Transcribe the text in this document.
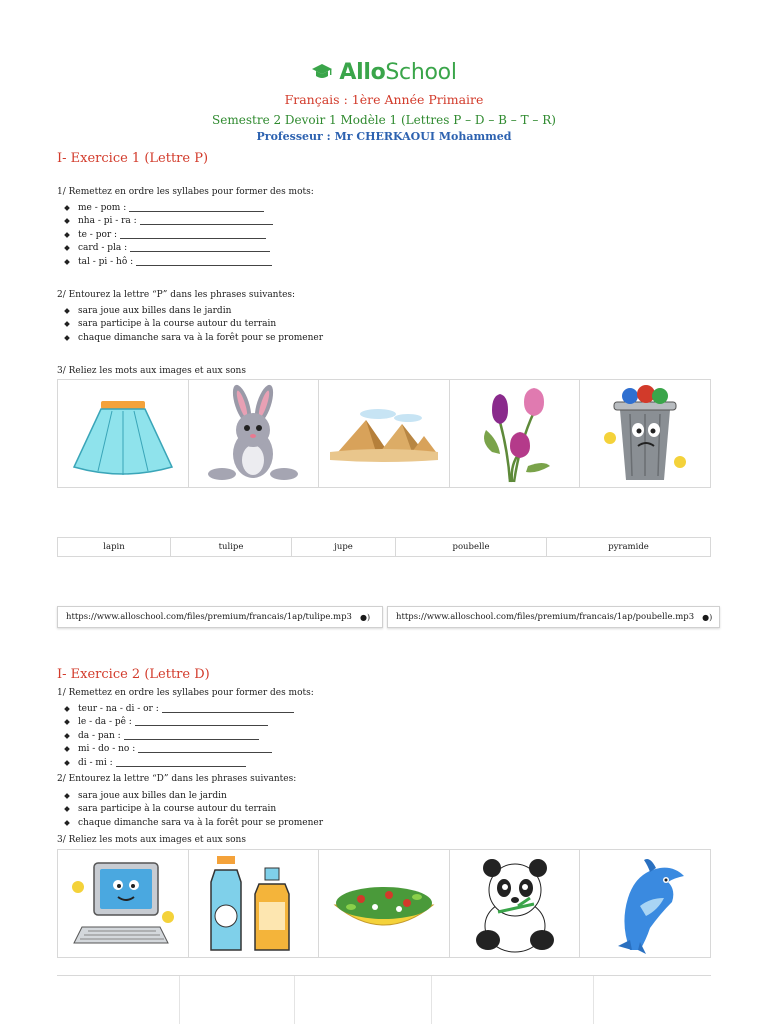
AlloSchool
Français : 1ère Année Primaire
Semestre 2 Devoir 1 Modèle 1 (Lettres P – D – B – T – R)
Professeur : Mr CHERKAOUI Mohammed
I- Exercice 1 (Lettre P)
1/ Remettez en ordre les syllabes pour former des mots:
me - pom :
nha - pi - ra :
te - por :
card - pla :
tal - pi - hô :
2/ Entourez la lettre “P” dans les phrases suivantes:
sara joue aux billes dans le jardin
sara participe à la course autour du terrain
chaque dimanche sara va à la forêt pour se promener
3/ Reliez les mots aux images et aux sons
lapin	tulipe	jupe	poubelle	pyramide
https://www.alloschool.com/files/premium/francais/1ap/tulipe.mp3 ●)	https://www.alloschool.com/files/premium/francais/1ap/poubelle.mp3 ●)
I- Exercice 2 (Lettre D)
1/ Remettez en ordre les syllabes pour former des mots:
teur - na - di - or :
le - da - pê :
da - pan :
mi - do - no :
di - mi :
2/ Entourez la lettre “D” dans les phrases suivantes:
sara joue aux billes dan le jardin
sara participe à la course autour du terrain
chaque dimanche sara va à la forêt pour se promener
3/ Reliez les mots aux images et aux sons
